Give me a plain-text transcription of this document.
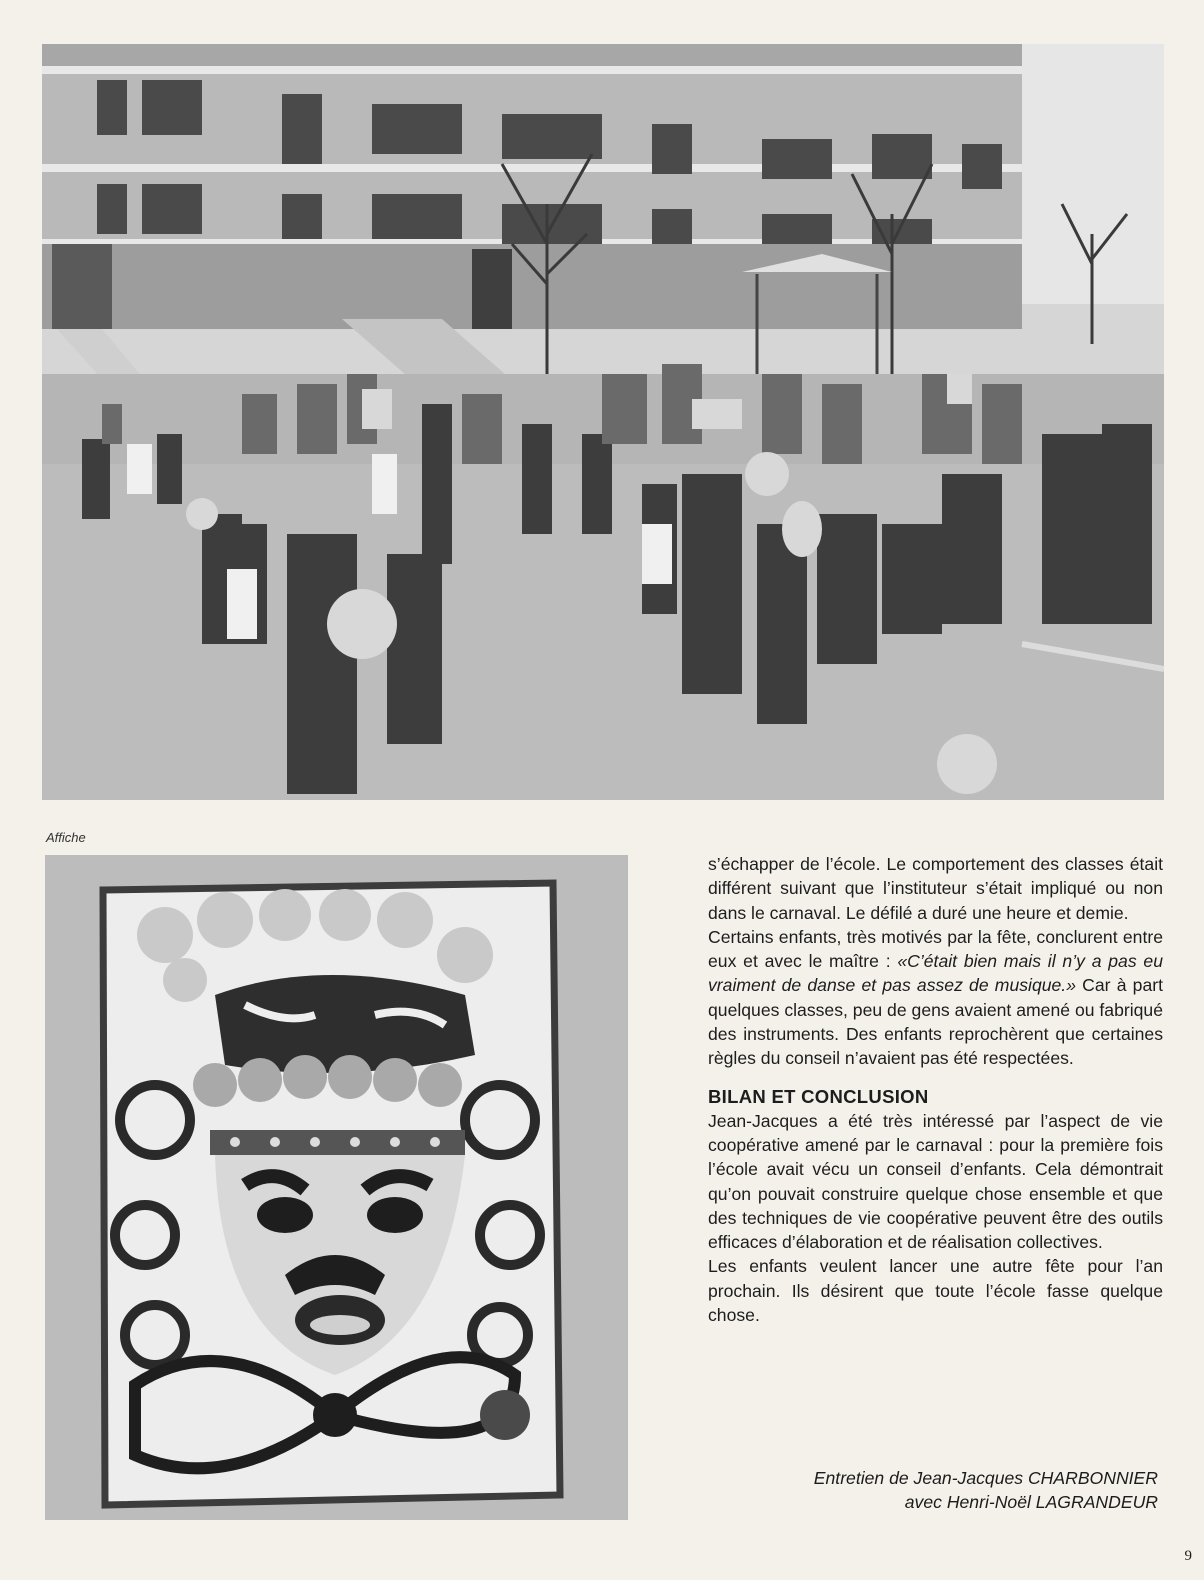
Affiche

s’échapper de l’école. Le comportement des classes était différent suivant que l’instituteur s’était impliqué ou non dans le carnaval. Le défilé a duré une heure et demie.

Certains enfants, très motivés par la fête, conclurent entre eux et avec le maître : «C’était bien mais il n’y a pas eu vraiment de danse et pas assez de musique.» Car à part quelques classes, peu de gens avaient amené ou fabriqué des instruments. Des enfants reprochèrent que certaines règles du conseil n’avaient pas été respectées.

BILAN ET CONCLUSION

Jean-Jacques a été très intéressé par l’aspect de vie coopérative amené par le carnaval : pour la première fois l’école avait vécu un conseil d’enfants. Cela démontrait qu’on pouvait construire quelque chose ensemble et que des techniques de vie coopérative peuvent être des outils efficaces d’élaboration et de réalisation collectives.

Les enfants veulent lancer une autre fête pour l’an prochain. Ils désirent que toute l’école fasse quelque chose.

Entretien de Jean-Jacques CHARBONNIER
avec Henri-Noël LAGRANDEUR
9
